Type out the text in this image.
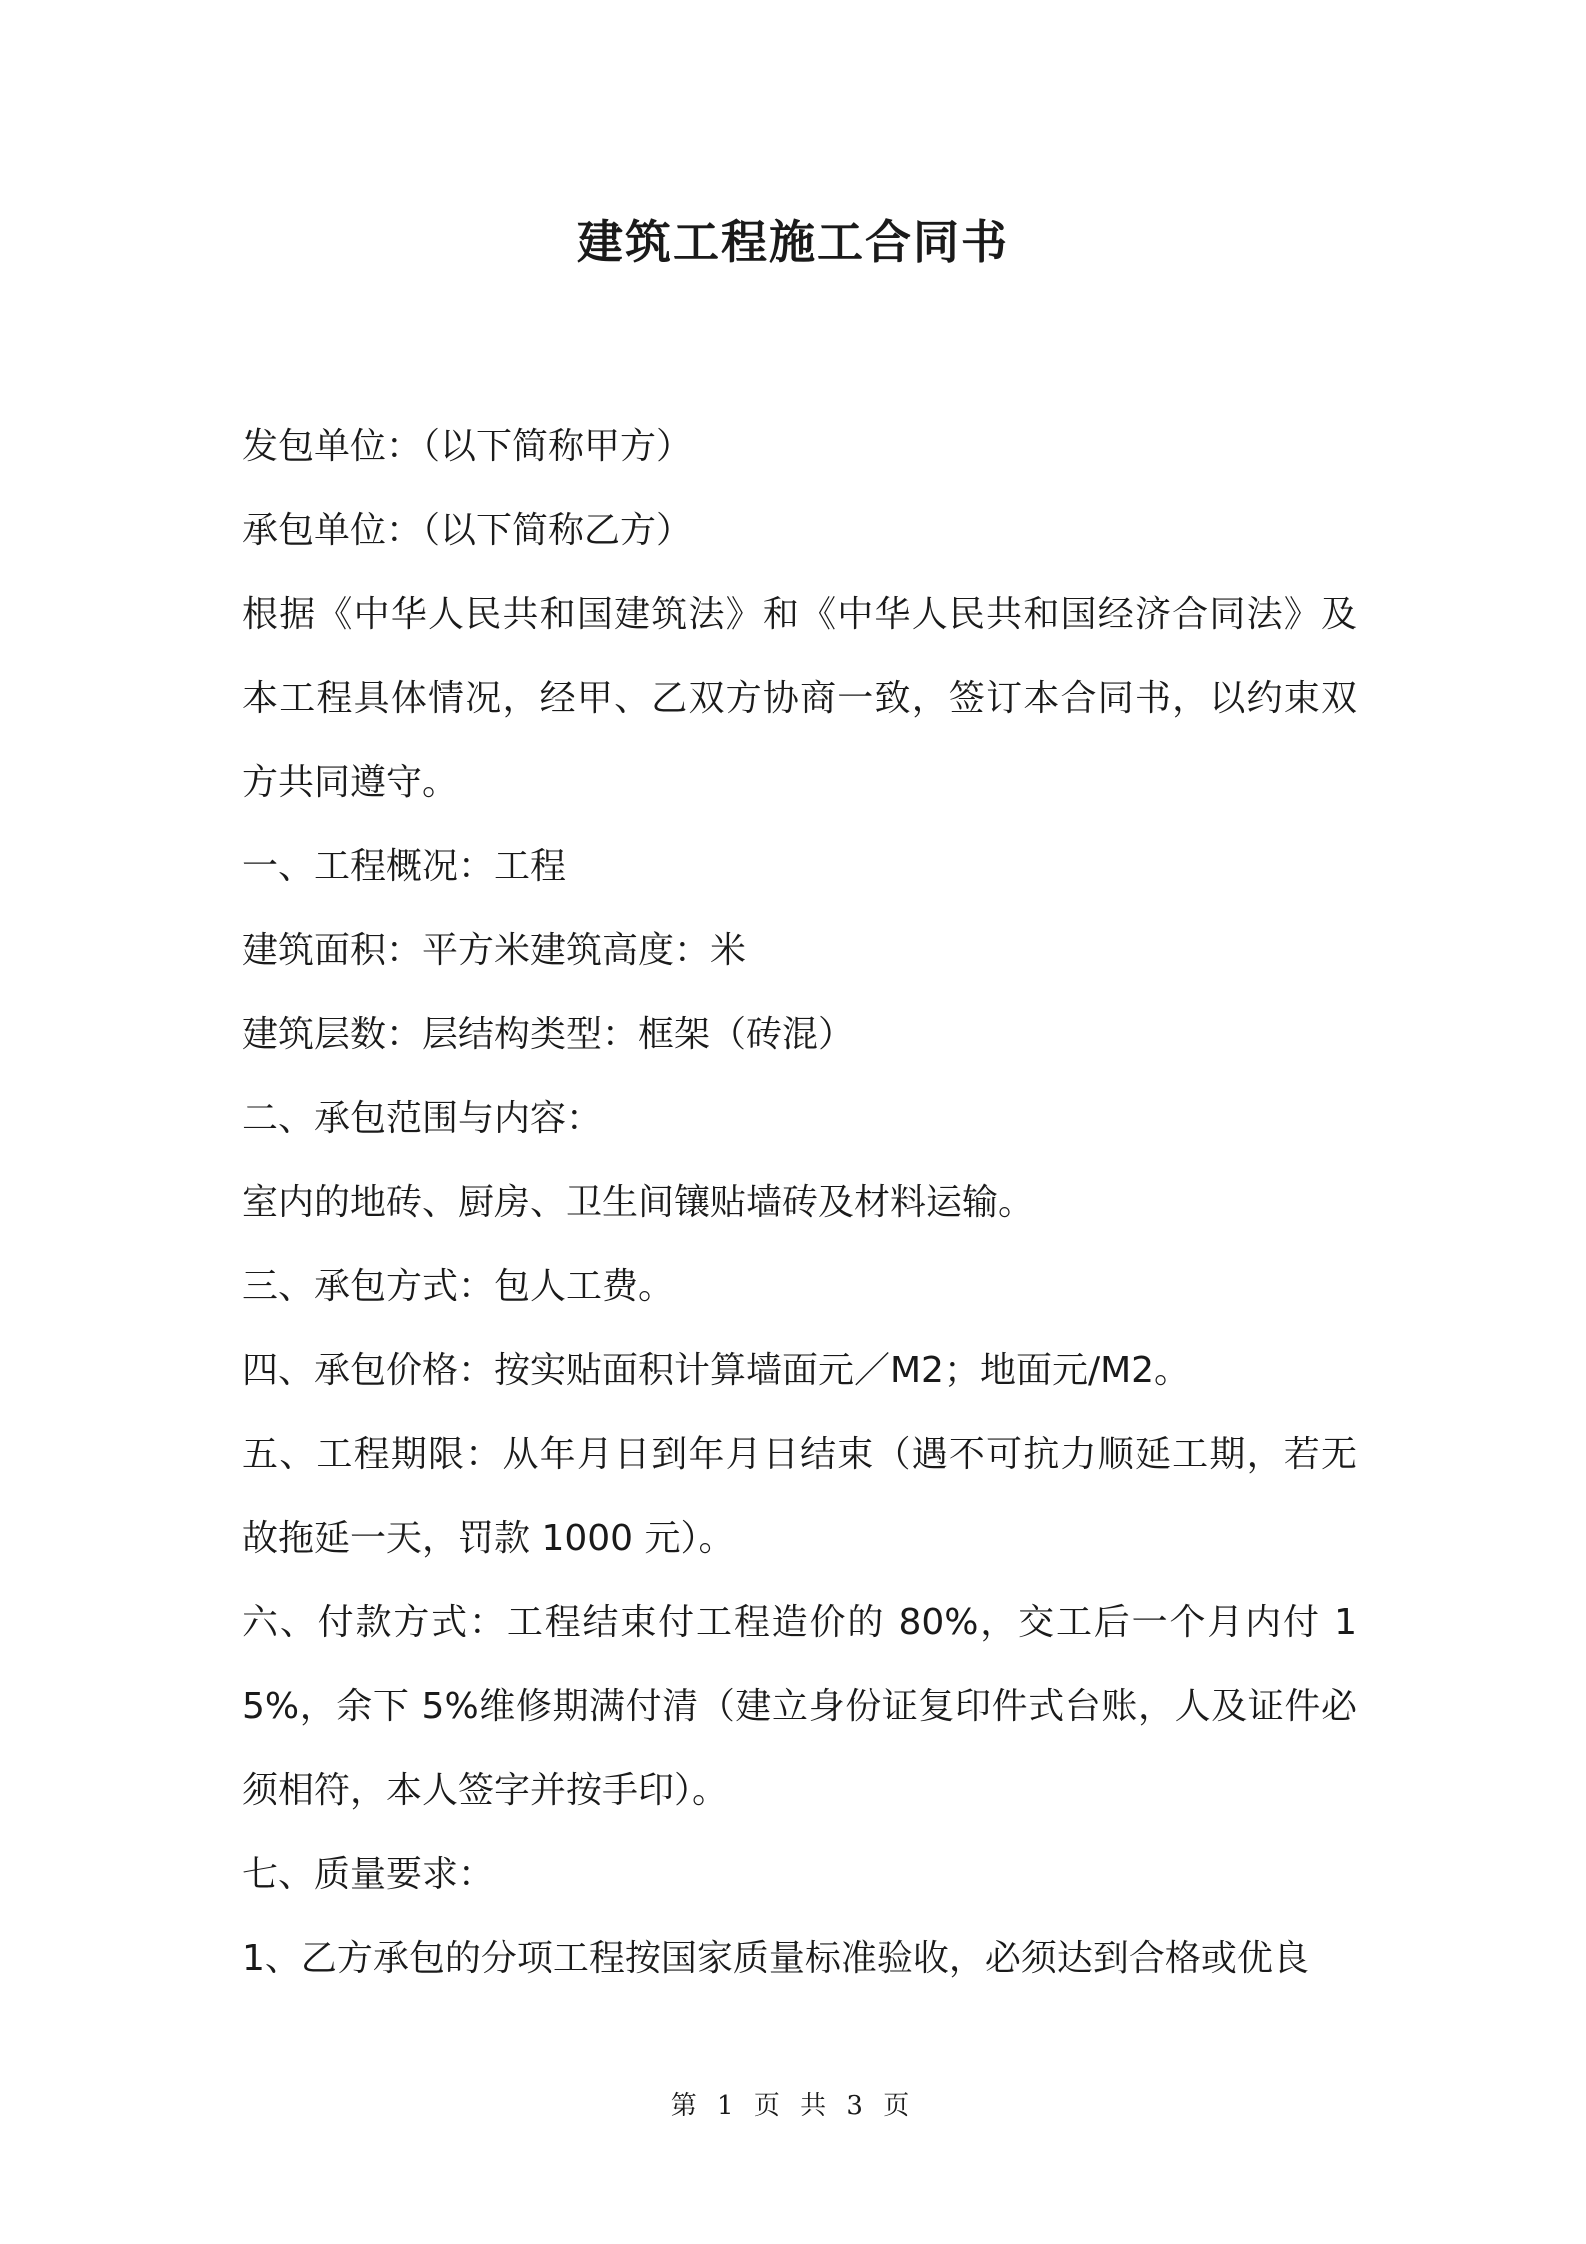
建筑工程施工合同书

发包单位：（以下简称甲方）

承包单位：（以下简称乙方）

根据《中华人民共和国建筑法》和《中华人民共和国经济合同法》及本工程具体情况，经甲、乙双方协商一致，签订本合同书，以约束双方共同遵守。

一、工程概况：工程

建筑面积：平方米建筑高度：米

建筑层数：层结构类型：框架（砖混）

二、承包范围与内容：

室内的地砖、厨房、卫生间镶贴墙砖及材料运输。

三、承包方式：包人工费。

四、承包价格：按实贴面积计算墙面元／M2；地面元/M2。

五、工程期限：从年月日到年月日结束（遇不可抗力顺延工期，若无故拖延一天，罚款 1000 元）。

六、付款方式：工程结束付工程造价的 80%，交工后一个月内付 15%，余下 5%维修期满付清（建立身份证复印件式台账，人及证件必须相符，本人签字并按手印）。

七、质量要求：

1、乙方承包的分项工程按国家质量标准验收，必须达到合格或优良

第 1 页 共 3 页
